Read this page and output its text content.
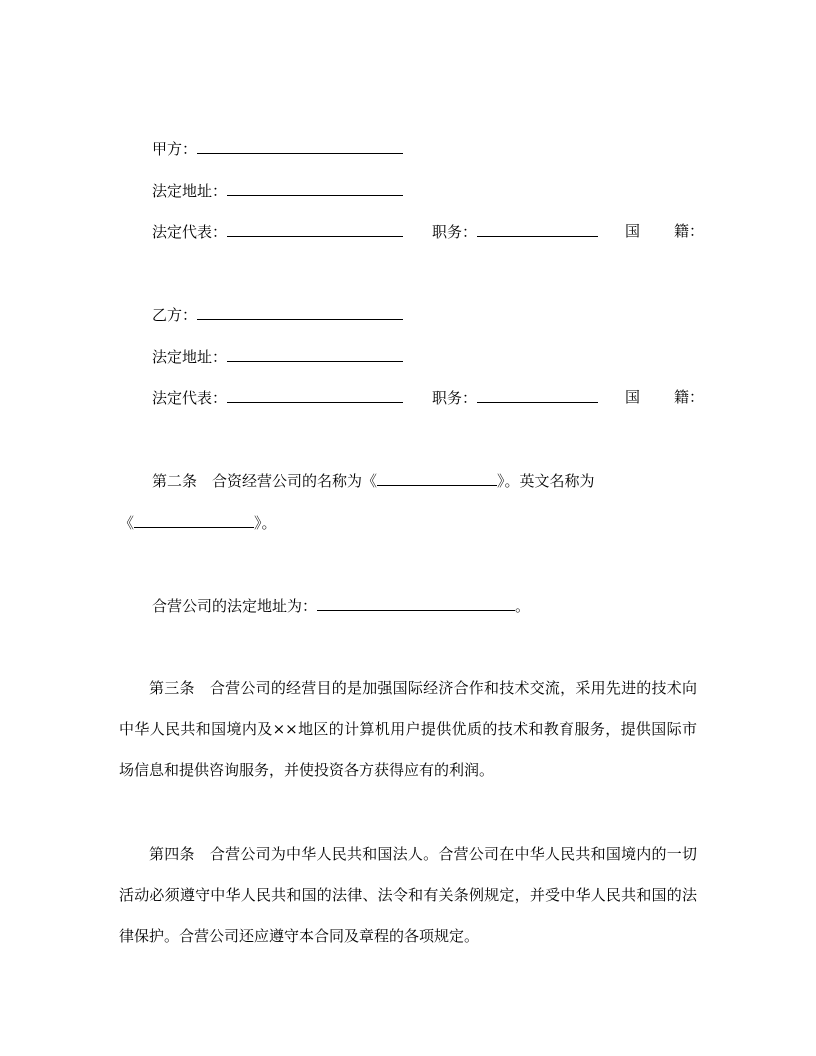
甲方：
法定地址：
法定代表：	职务：	国 籍：
乙方：
法定地址：
法定代表：	职务：	国 籍：
第二条　合资经营公司的名称为《	》。英文名称为
《	》。
合营公司的法定地址为：	。

第三条　合营公司的经营目的是加强国际经济合作和技术交流，采用先进的技术向中华人民共和国境内及××地区的计算机用户提供优质的技术和教育服务，提供国际市场信息和提供咨询服务，并使投资各方获得应有的利润。

第四条　合营公司为中华人民共和国法人。合营公司在中华人民共和国境内的一切活动必须遵守中华人民共和国的法律、法令和有关条例规定，并受中华人民共和国的法律保护。合营公司还应遵守本合同及章程的各项规定。
